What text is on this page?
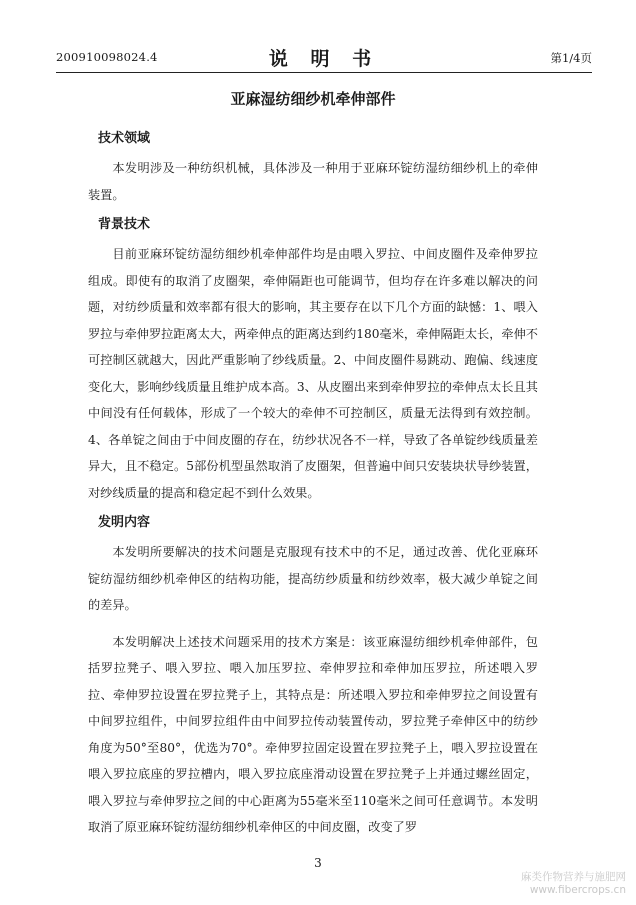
200910098024.4	说 明 书	第1/4页
亚麻湿纺细纱机牵伸部件
技术领域

本发明涉及一种纺织机械，具体涉及一种用于亚麻环锭纺湿纺细纱机上的牵伸装置。

背景技术

目前亚麻环锭纺湿纺细纱机牵伸部件均是由喂入罗拉、中间皮圈件及牵伸罗拉组成。即使有的取消了皮圈架，牵伸隔距也可能调节，但均存在许多难以解决的问题，对纺纱质量和效率都有很大的影响，其主要存在以下几个方面的缺憾：1、喂入罗拉与牵伸罗拉距离太大，两牵伸点的距离达到约180毫米，牵伸隔距太长，牵伸不可控制区就越大，因此严重影响了纱线质量。2、中间皮圈件易跳动、跑偏、线速度变化大，影响纱线质量且维护成本高。3、从皮圈出来到牵伸罗拉的牵伸点太长且其中间没有任何载体，形成了一个较大的牵伸不可控制区，质量无法得到有效控制。4、各单锭之间由于中间皮圈的存在，纺纱状况各不一样，导致了各单锭纱线质量差异大，且不稳定。5部份机型虽然取消了皮圈架，但普遍中间只安装块状导纱装置，对纱线质量的提高和稳定起不到什么效果。

发明内容

本发明所要解决的技术问题是克服现有技术中的不足，通过改善、优化亚麻环锭纺湿纺细纱机牵伸区的结构功能，提高纺纱质量和纺纱效率，极大减少单锭之间的差异。

本发明解决上述技术问题采用的技术方案是：该亚麻湿纺细纱机牵伸部件，包括罗拉凳子、喂入罗拉、喂入加压罗拉、牵伸罗拉和牵伸加压罗拉，所述喂入罗拉、牵伸罗拉设置在罗拉凳子上，其特点是：所述喂入罗拉和牵伸罗拉之间设置有中间罗拉组件，中间罗拉组件由中间罗拉传动装置传动，罗拉凳子牵伸区中的纺纱角度为50°至80°，优选为70°。牵伸罗拉固定设置在罗拉凳子上，喂入罗拉设置在喂入罗拉底座的罗拉槽内，喂入罗拉底座滑动设置在罗拉凳子上并通过螺丝固定，喂入罗拉与牵伸罗拉之间的中心距离为55毫米至110毫米之间可任意调节。本发明取消了原亚麻环锭纺湿纺细纱机牵伸区的中间皮圈，改变了罗

3
麻类作物营养与施肥网
www.fibercrops.cn
